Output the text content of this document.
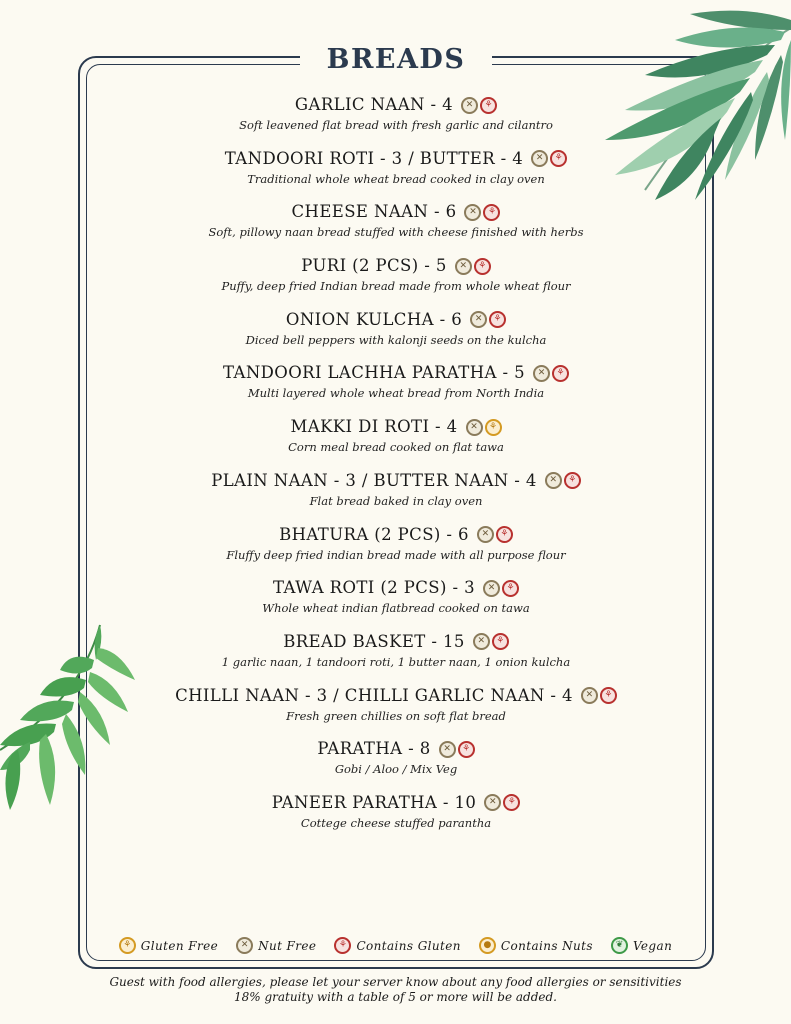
BREADS
GARLIC NAAN - 4	✕	⚘
Soft leavened flat bread with fresh garlic and cilantro
TANDOORI ROTI - 3 / BUTTER - 4	✕	⚘
Traditional whole wheat bread cooked in clay oven
CHEESE NAAN - 6	✕	⚘
Soft, pillowy naan bread stuffed with cheese finished with herbs
PURI (2 PCS) - 5	✕	⚘
Puffy, deep fried Indian bread made from whole wheat flour
ONION KULCHA - 6	✕	⚘
Diced bell peppers with kalonji seeds on the kulcha
TANDOORI LACHHA PARATHA - 5	✕	⚘
Multi layered whole wheat bread from North India
MAKKI DI ROTI - 4	✕	⚘
Corn meal bread cooked on flat tawa
PLAIN NAAN - 3 / BUTTER NAAN - 4	✕	⚘
Flat bread baked in clay oven
BHATURA (2 PCS) - 6	✕	⚘
Fluffy deep fried indian bread made with all purpose flour
TAWA ROTI (2 PCS) - 3	✕	⚘
Whole wheat indian flatbread cooked on tawa
BREAD BASKET - 15	✕	⚘
1 garlic naan, 1 tandoori roti, 1 butter naan, 1 onion kulcha
CHILLI NAAN - 3 / CHILLI GARLIC NAAN - 4	✕	⚘
Fresh green chillies on soft flat bread
PARATHA - 8	✕	⚘
Gobi / Aloo / Mix Veg
PANEER PARATHA - 10	✕	⚘
Cottege cheese stuffed parantha
⚘ Gluten Free	✕ Nut Free	⚘ Contains Gluten	● Contains Nuts	❦ Vegan
Guest with food allergies, please let your server know about any food allergies or sensitivities
18% gratuity with a table of 5 or more will be added.
